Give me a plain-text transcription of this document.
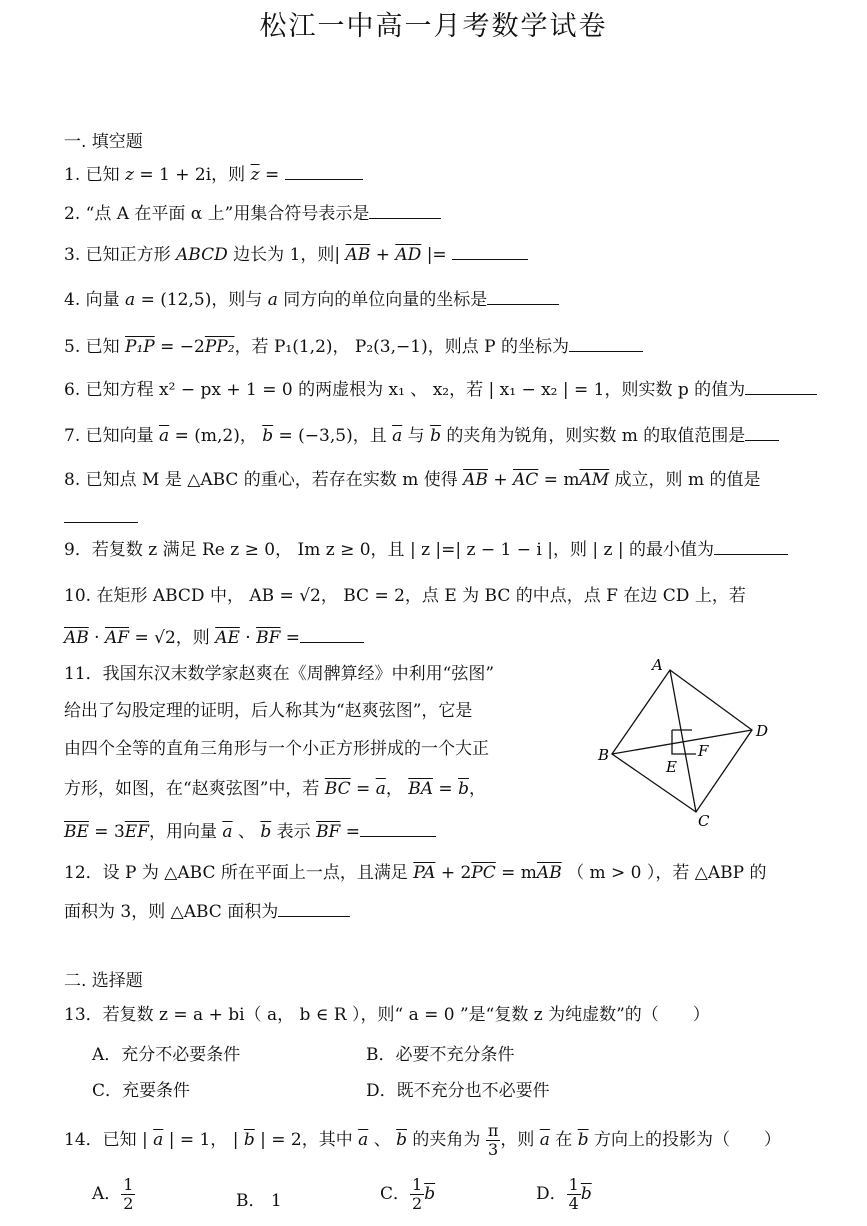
松江一中高一月考数学试卷
一. 填空题
1. 已知 z = 1 + 2i，则 $\overline{z}$ =
2. “点 A 在平面 α 上”用集合符号表示是
3. 已知正方形 ABCD 边长为 1，则| $\overline{AB} + \overline{AD}$ |=
4. 向量 a = (12,5)，则与 a 同方向的单位向量的坐标是
5. 已知 P₁P = −2PP₂，若 P₁(1,2)， P₂(3,−1)，则点 P 的坐标为
6. 已知方程 x² − px + 1 = 0 的两虚根为 x₁ 、 x₂，若 | x₁ − x₂ | = 1，则实数 p 的值为
7. 已知向量 $\overline{a} = (m,2)$， $\overline{b} = (-3,5)$，且 $\overline{a}$ 与 $\overline{b}$ 的夹角为锐角，则实数 m 的取值范围是
8. 已知点 M 是 △ABC 的重心，若存在实数 m 使得 $\overline{AB} + \overline{AC} = m\overline{AM}$ 成立，则 m 的值是
9．若复数 z 满足 Re z ≥ 0， Im z ≥ 0，且 | z |=| z − 1 − i |，则 | z | 的最小值为
10. 在矩形 ABCD 中， AB = √2， BC = 2，点 E 为 BC 的中点，点 F 在边 CD 上，若
$\overline{AB} \cdot \overline{AF} = √2$，则 $\overline{AE} \cdot \overline{BF}$ =
11．我国东汉末数学家赵爽在《周髀算经》中利用“弦图”
给出了勾股定理的证明，后人称其为“赵爽弦图”，它是
由四个全等的直角三角形与一个小正方形拼成的一个大正
方形，如图，在“赵爽弦图”中，若 $\overline{BC} = \overline{a}$， $\overline{BA} = \overline{b}$，
$\overline{BE} = 3\overline{EF}$，用向量 $\overline{a}$ 、 $\overline{b}$ 表示 $\overline{BF}$ =
A
B
C
D
E
F
12．设 P 为 △ABC 所在平面上一点，且满足 $\overline{PA} + 2\overline{PC} = m\overline{AB}$ （ m > 0 ），若 △ABP 的
面积为 3，则 △ABC 面积为
二. 选择题
13．若复数 z = a + bi（ a， b ∈ R ），则“ a = 0 ”是“复数 z 为纯虚数”的（　　）
A．充分不必要条件	B．必要不充分条件
C．充要条件	D．既不充分也不必要件
14．已知 | $\overline{a}$ | = 1， | $\overline{b}$ | = 2，其中 $\overline{a}$ 、 $\overline{b}$ 的夹角为 $\frac{\pi}{3}$ ，则 $\overline{a}$ 在 $\overline{b}$ 方向上的投影为（　　）
A． $\frac{1}{2}$	B． 1	C． $\frac{1}{2} \overline{b}$	D． $\frac{1}{4} \overline{b}$
